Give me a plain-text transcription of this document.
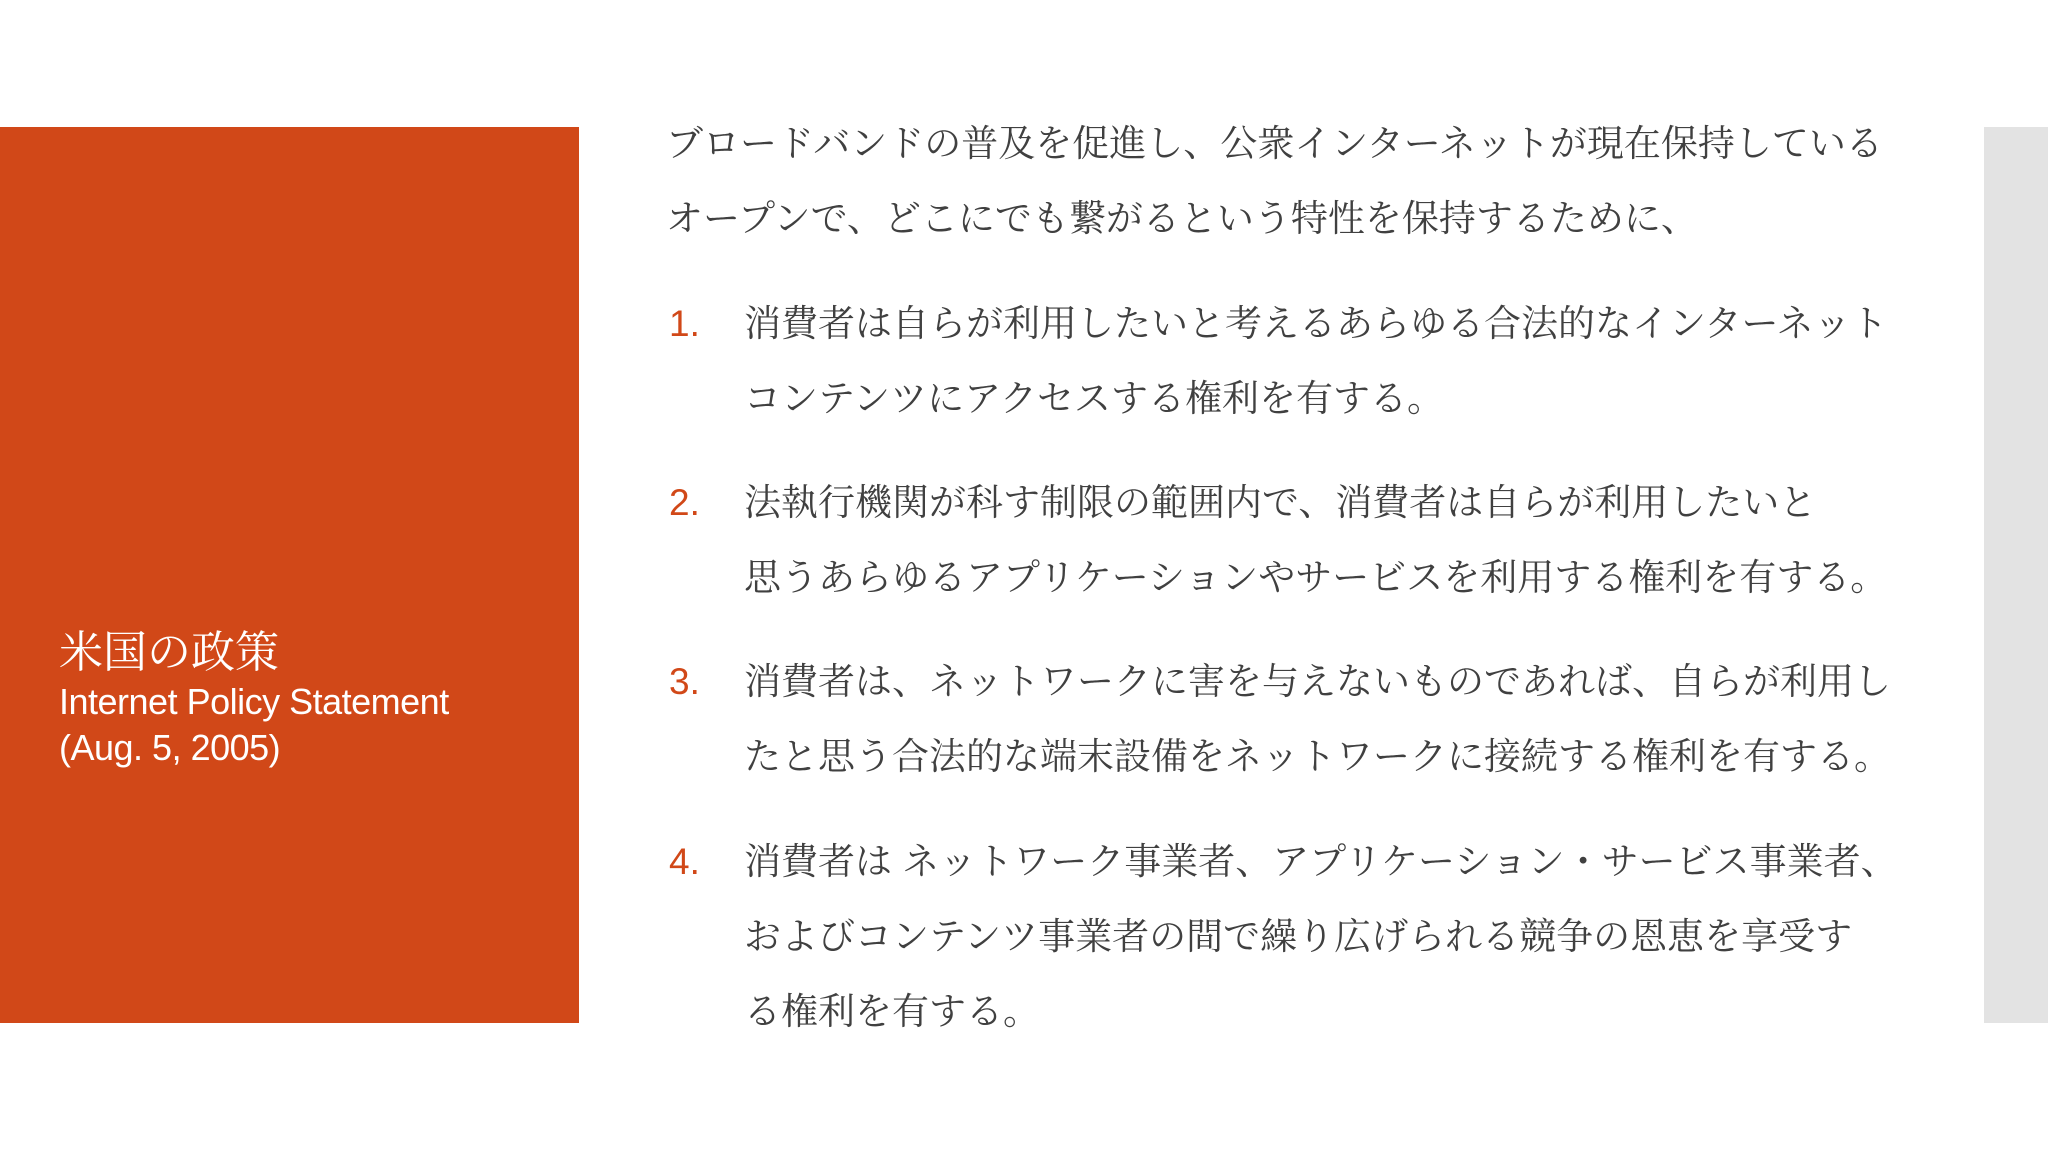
米国の政策
Internet Policy Statement
(Aug. 5, 2005)
@大妻女子大学（2014/10/22）
6
ブロードバンドの普及を促進し、公衆インターネットが現在保持している
オープンで、どこにでも繋がるという特性を保持するために、
1.	消費者は自らが利用したいと考えるあらゆる合法的なインターネット
コンテンツにアクセスする権利を有する。
2.	法執行機関が科す制限の範囲内で、消費者は自らが利用したいと
思うあらゆるアプリケーションやサービスを利用する権利を有する。
3.	消費者は、ネットワークに害を与えないものであれば、自らが利用し
たと思う合法的な端末設備をネットワークに接続する権利を有する。
4.	消費者は ネットワーク事業者、アプリケーション・サービス事業者、
およびコンテンツ事業者の間で繰り広げられる競争の恩恵を享受す
る権利を有する。
